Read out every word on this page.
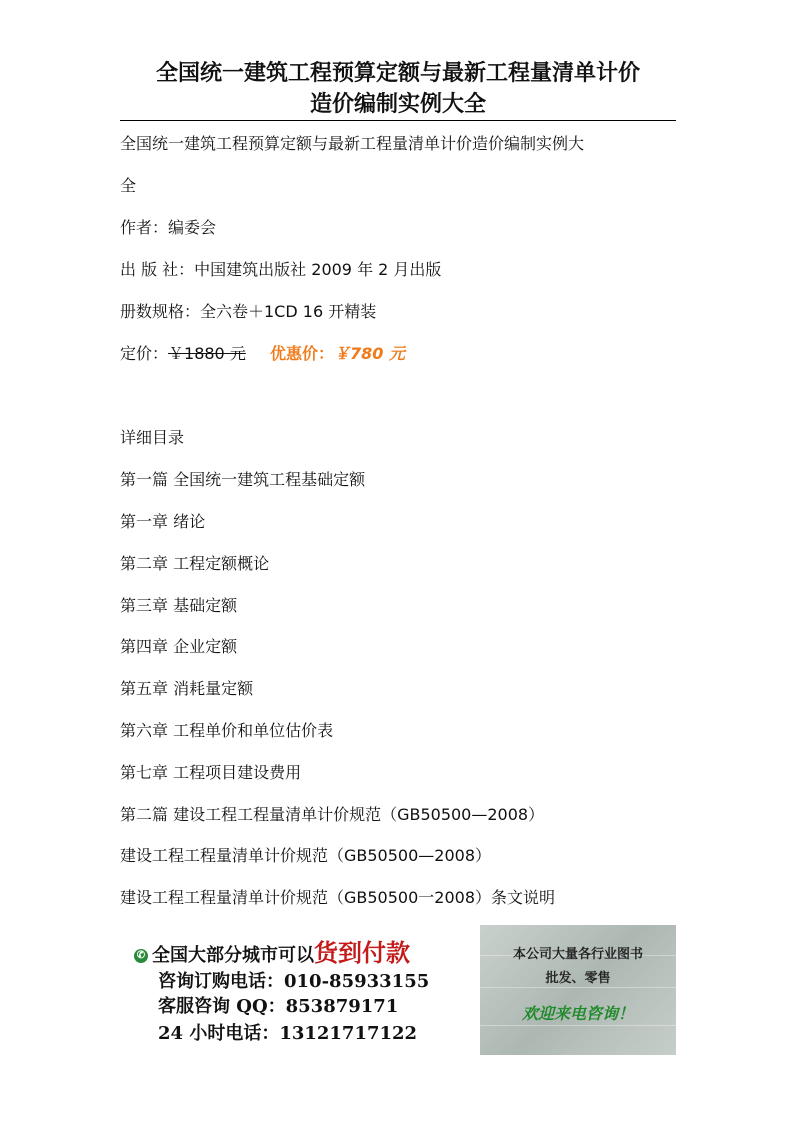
全国统一建筑工程预算定额与最新工程量清单计价
造价编制实例大全
全国统一建筑工程预算定额与最新工程量清单计价造价编制实例大
全
作者：编委会
出 版 社：中国建筑出版社 2009 年 2 月出版
册数规格：全六卷＋1CD 16 开精装
定价：￥1880 元 优惠价：￥780 元
详细目录
第一篇 全国统一建筑工程基础定额
第一章 绪论
第二章 工程定额概论
第三章 基础定额
第四章 企业定额
第五章 消耗量定额
第六章 工程单价和单位估价表
第七章 工程项目建设费用
第二篇 建设工程工程量清单计价规范（GB50500—2008）
建设工程工程量清单计价规范（GB50500—2008）
建设工程工程量清单计价规范（GB50500一2008）条文说明
✆ 全国大部分城市可以货到付款
咨询订购电话：010-85933155
客服咨询 QQ：853879171
24 小时电话：13121717122
本公司大量各行业图书
批发、零售
欢迎来电咨询！
